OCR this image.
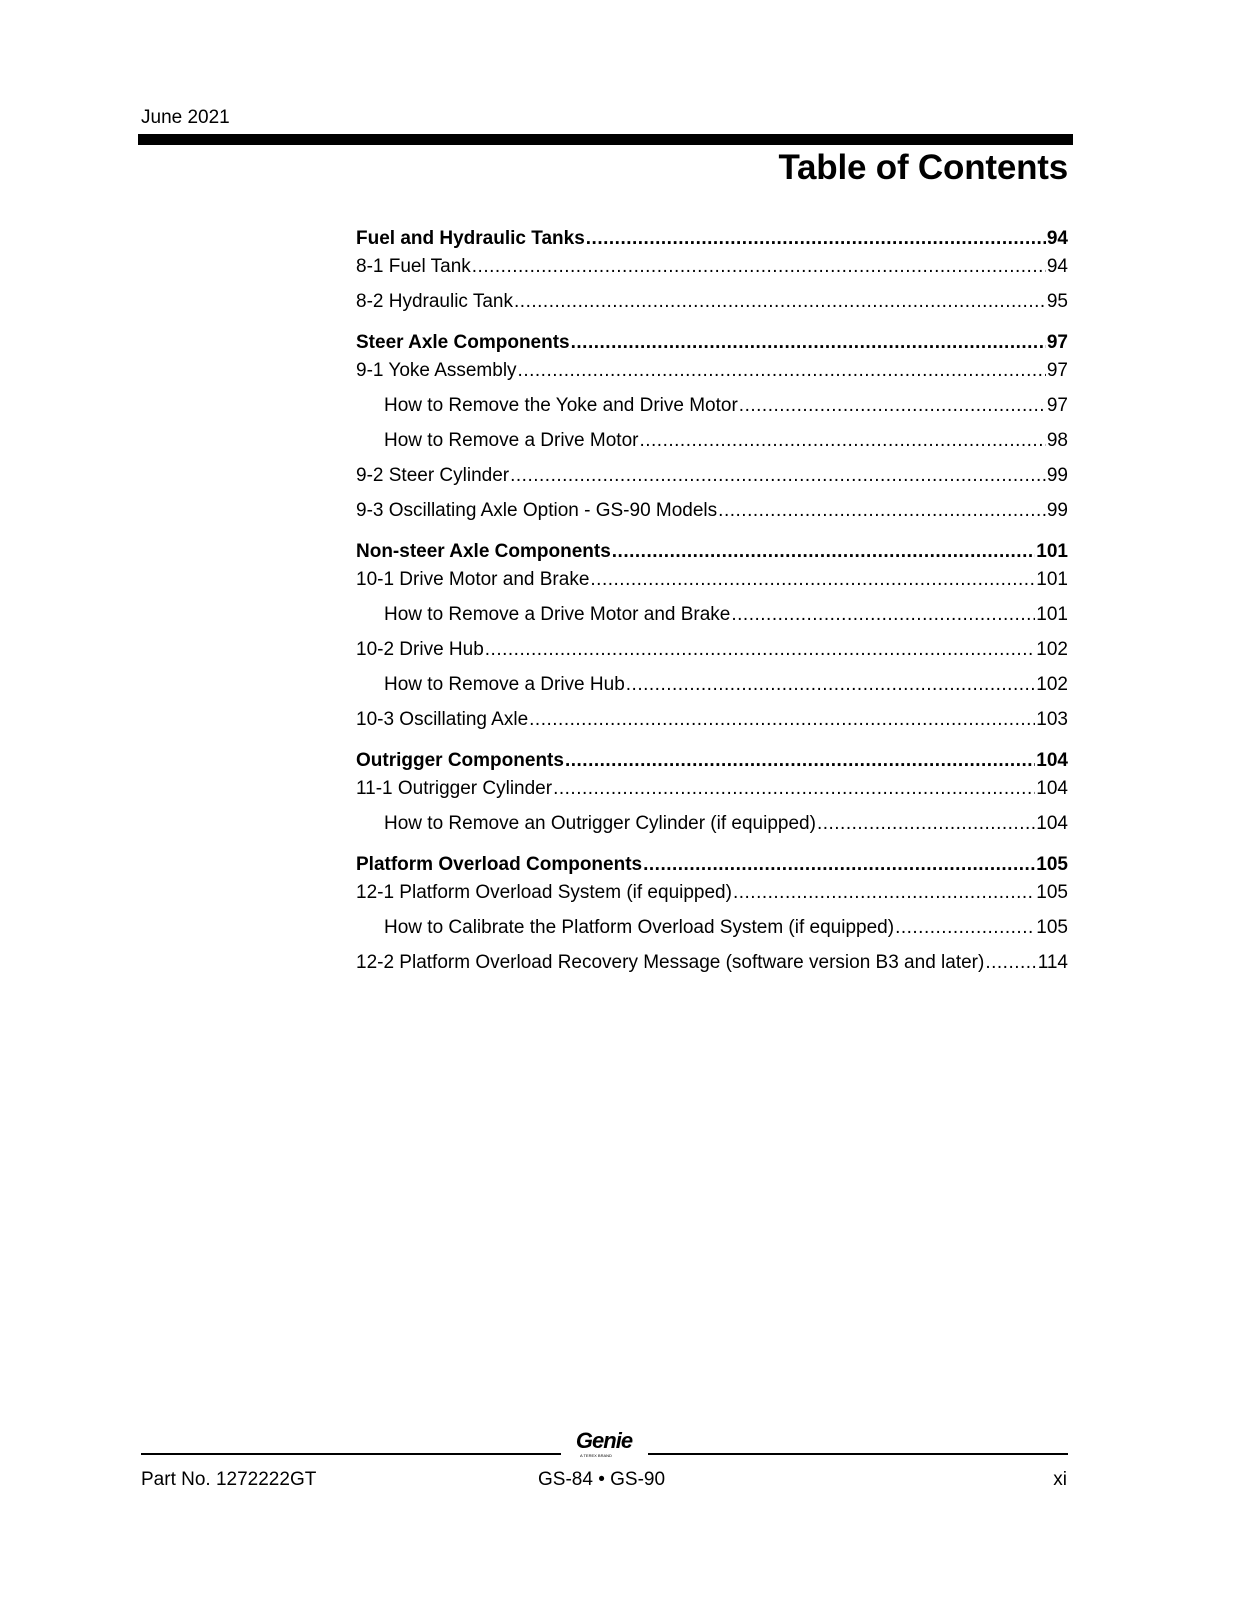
June 2021
Table of Contents
Fuel and Hydraulic Tanks .....	94
8-1 Fuel Tank .....	94
8-2 Hydraulic Tank .....	95
Steer Axle Components .....	97
9-1 Yoke Assembly .....	97
How to Remove the Yoke and Drive Motor .....	97
How to Remove a Drive Motor .....	98
9-2 Steer Cylinder .....	99
9-3 Oscillating Axle Option - GS-90 Models .....	99
Non-steer Axle Components .....	101
10-1 Drive Motor and Brake .....	101
How to Remove a Drive Motor and Brake .....	101
10-2 Drive Hub .....	102
How to Remove a Drive Hub .....	102
10-3 Oscillating Axle .....	103
Outrigger Components .....	104
11-1 Outrigger Cylinder .....	104
How to Remove an Outrigger Cylinder (if equipped) .....	104
Platform Overload Components .....	105
12-1 Platform Overload System (if equipped) .....	105
How to Calibrate the Platform Overload System (if equipped) .....	105
12-2 Platform Overload Recovery Message (software version B3 and later) .....	114
Genie
A TEREX BRAND
Part No. 1272222GT	GS-84 • GS-90	xi
